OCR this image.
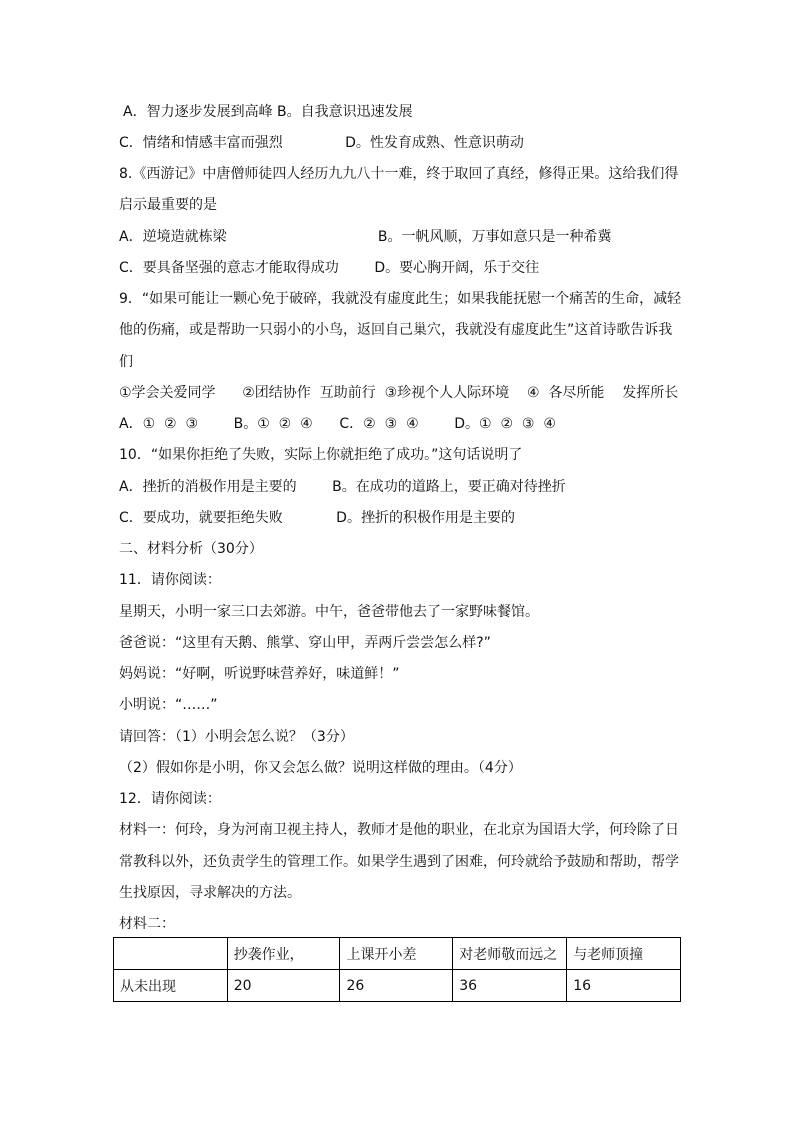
A．智力逐步发展到高峰 B。自我意识迅速发展
C．情绪和情感丰富而强烈              D。性发育成熟、性意识萌动
8.《西游记》中唐僧师徒四人经历九九八十一难，终于取回了真经，修得正果。这给我们得
启示最重要的是
A．逆境造就栋梁                                  B。一帆风顺，万事如意只是一种希冀
C．要具备坚强的意志才能取得成功        D。要心胸开阔，乐于交往
9．“如果可能让一颗心免于破碎，我就没有虚度此生；如果我能抚慰一个痛苦的生命，减轻
他的伤痛，或是帮助一只弱小的小鸟，返回自己巢穴，我就没有虚度此生”这首诗歌告诉我
们
①学会关爱同学      ②团结协作  互助前行  ③珍视个人人际环境    ④  各尽所能    发挥所长
A．①  ②  ③        B。①  ②  ④      C．②  ③  ④        D。①  ②  ③  ④
10．“如果你拒绝了失败，实际上你就拒绝了成功。”这句话说明了
A．挫折的消极作用是主要的        B。在成功的道路上，要正确对待挫折
C．要成功，就要拒绝失败            D。挫折的积极作用是主要的
二、材料分析（30分）
11．请你阅读：
星期天，小明一家三口去郊游。中午，爸爸带他去了一家野味餐馆。
爸爸说：“这里有天鹅、熊掌、穿山甲，弄两斤尝尝怎么样?”
妈妈说：“好啊，听说野味营养好，味道鲜！”
小明说：“……”
请回答：（1）小明会怎么说？（3分）
（2）假如你是小明，你又会怎么做？说明这样做的理由。（4分）
12．请你阅读：
材料一：何玲，身为河南卫视主持人，教师才是他的职业，在北京为国语大学，何玲除了日
常教科以外，还负责学生的管理工作。如果学生遇到了困难，何玲就给予鼓励和帮助，帮学
生找原因，寻求解决的方法。
材料二：
	抄袭作业，	上课开小差	对老师敬而远之	与老师顶撞
从未出现	20	26	36	16
